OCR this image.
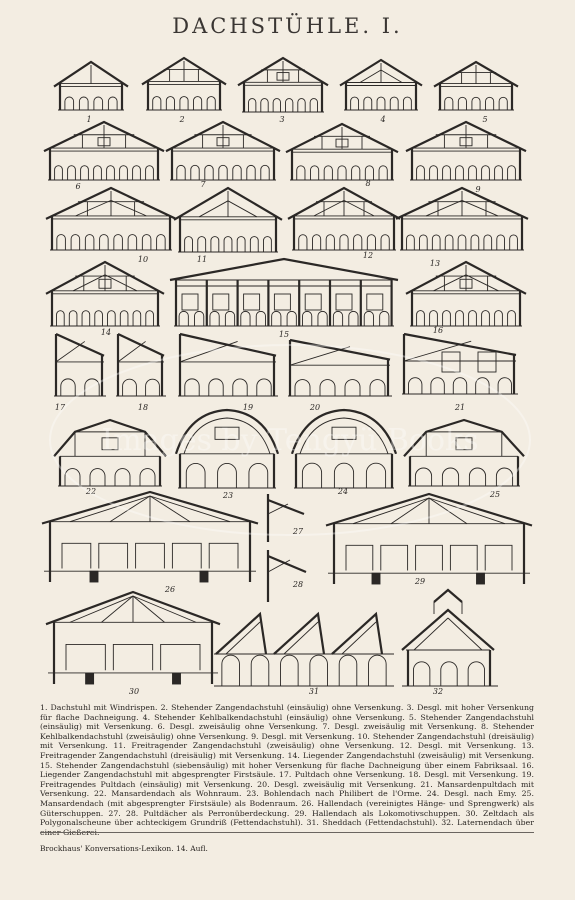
DACHSTÜHLE. I.
1	2	3	4	5
6	7	8
9
10	11	12
13
14	15	16
17	18	19	20	21
22	23	24	25
26
27
28	29
30	31	32
1. Dachstuhl mit Windrispen. 2. Stehender Zangendachstuhl (einsäulig) ohne Versenkung. 3. Desgl. mit hoher Versenkung für flache Dachneigung. 4. Stehender Kehlbalkendachstuhl (einsäulig) ohne Versenkung. 5. Stehender Zangendachstuhl (einsäulig) mit Versenkung. 6. Desgl. zweisäulig ohne Versenkung. 7. Desgl. zweisäulig mit Versenkung. 8. Stehender Kehlbalkendachstuhl (zweisäulig) ohne Versenkung. 9. Desgl. mit Versenkung. 10. Stehender Zangendachstuhl (dreisäulig) mit Versenkung. 11. Freitragender Zangendachstuhl (zweisäulig) ohne Versenkung. 12. Desgl. mit Versenkung. 13. Freitragender Zangendachstuhl (dreisäulig) mit Versenkung. 14. Liegender Zangendachstuhl (zweisäulig) mit Versenkung. 15. Stehender Zangendachstuhl (siebensäulig) mit hoher Versenkung für flache Dachneigung über einem Fabriksaal. 16. Liegender Zangendachstuhl mit abgesprengter Firstsäule. 17. Pultdach ohne Versenkung. 18. Desgl. mit Versenkung. 19. Freitragendes Pultdach (einsäulig) mit Versenkung. 20. Desgl. zweisäulig mit Versenkung. 21. Mansardenpultdach mit Versenkung. 22. Mansardendach als Wohnraum. 23. Bohlendach nach Philibert de l'Orme. 24. Desgl. nach Emy. 25. Mansardendach (mit abgesprengter Firstsäule) als Bodenraum. 26. Hallendach (vereinigtes Hänge- und Sprengwerk) als Güterschuppen. 27. 28. Pultdächer als Perronüberdeckung. 29. Hallendach als Lokomotivschuppen. 30. Zeltdach als Polygonalscheune über achteckigem Grundriß (Fettendachstuhl). 31. Sheddach (Fettendachstuhl). 32. Laternendach über einer Gießerei.
Brockhaus' Konversations-Lexikon. 14. Aufl.
Images by Tengyü Books
